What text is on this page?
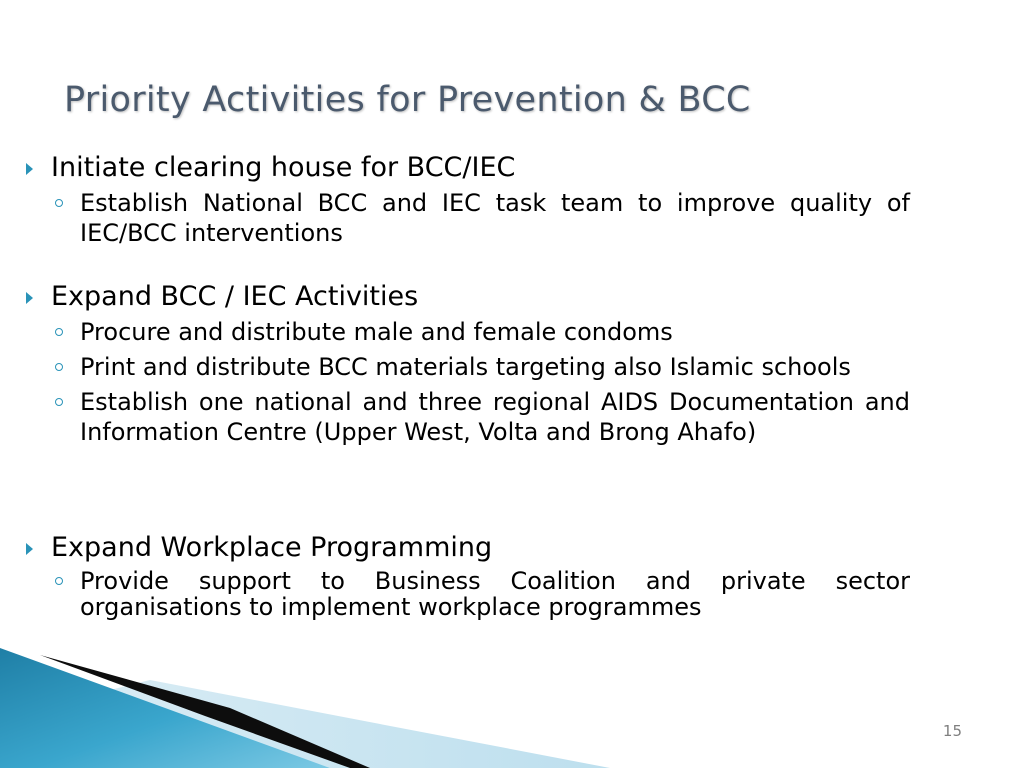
Priority Activities for Prevention & BCC
Initiate clearing house for BCC/IEC
Establish National BCC and IEC task team to improve quality of IEC/BCC interventions
Expand BCC / IEC Activities
Procure and distribute male and female condoms
Print and distribute BCC materials targeting also Islamic schools
Establish one national and three regional AIDS Documentation and Information Centre (Upper West, Volta and Brong Ahafo)
Expand Workplace Programming
Provide support to Business Coalition and private sector organisations to implement workplace programmes
15
